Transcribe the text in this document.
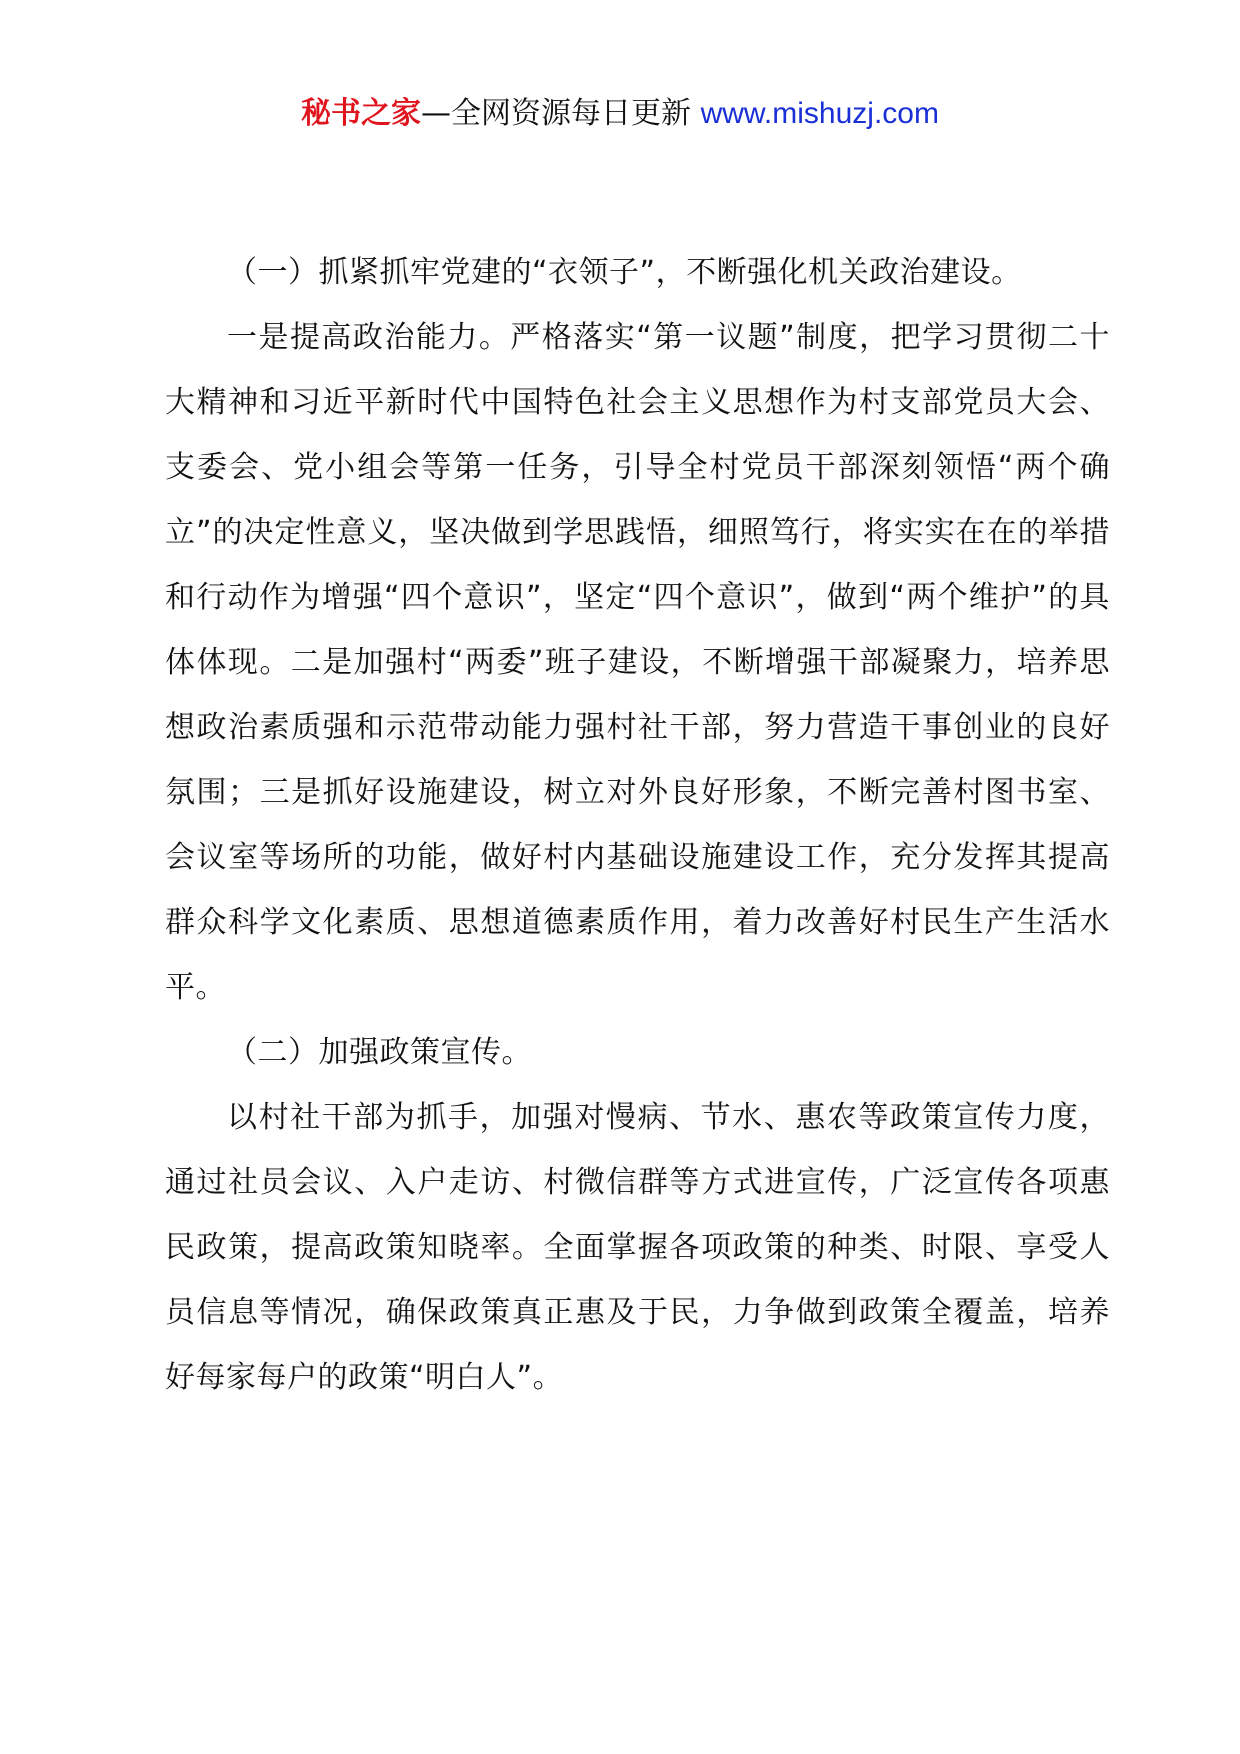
秘书之家—全网资源每日更新 www.mishuzj.com

（一）抓紧抓牢党建的“衣领子”，不断强化机关政治建设。

一是提高政治能力。严格落实“第一议题”制度，把学习贯彻二十大精神和习近平新时代中国特色社会主义思想作为村支部党员大会、支委会、党小组会等第一任务，引导全村党员干部深刻领悟“两个确立”的决定性意义，坚决做到学思践悟，细照笃行，将实实在在的举措和行动作为增强“四个意识”，坚定“四个意识”，做到“两个维护”的具体体现。二是加强村“两委”班子建设，不断增强干部凝聚力，培养思想政治素质强和示范带动能力强村社干部，努力营造干事创业的良好氛围；三是抓好设施建设，树立对外良好形象，不断完善村图书室、会议室等场所的功能，做好村内基础设施建设工作，充分发挥其提高群众科学文化素质、思想道德素质作用，着力改善好村民生产生活水平。

（二）加强政策宣传。

以村社干部为抓手，加强对慢病、节水、惠农等政策宣传力度，通过社员会议、入户走访、村微信群等方式进宣传，广泛宣传各项惠民政策，提高政策知晓率。全面掌握各项政策的种类、时限、享受人员信息等情况，确保政策真正惠及于民，力争做到政策全覆盖，培养好每家每户的政策“明白人”。
